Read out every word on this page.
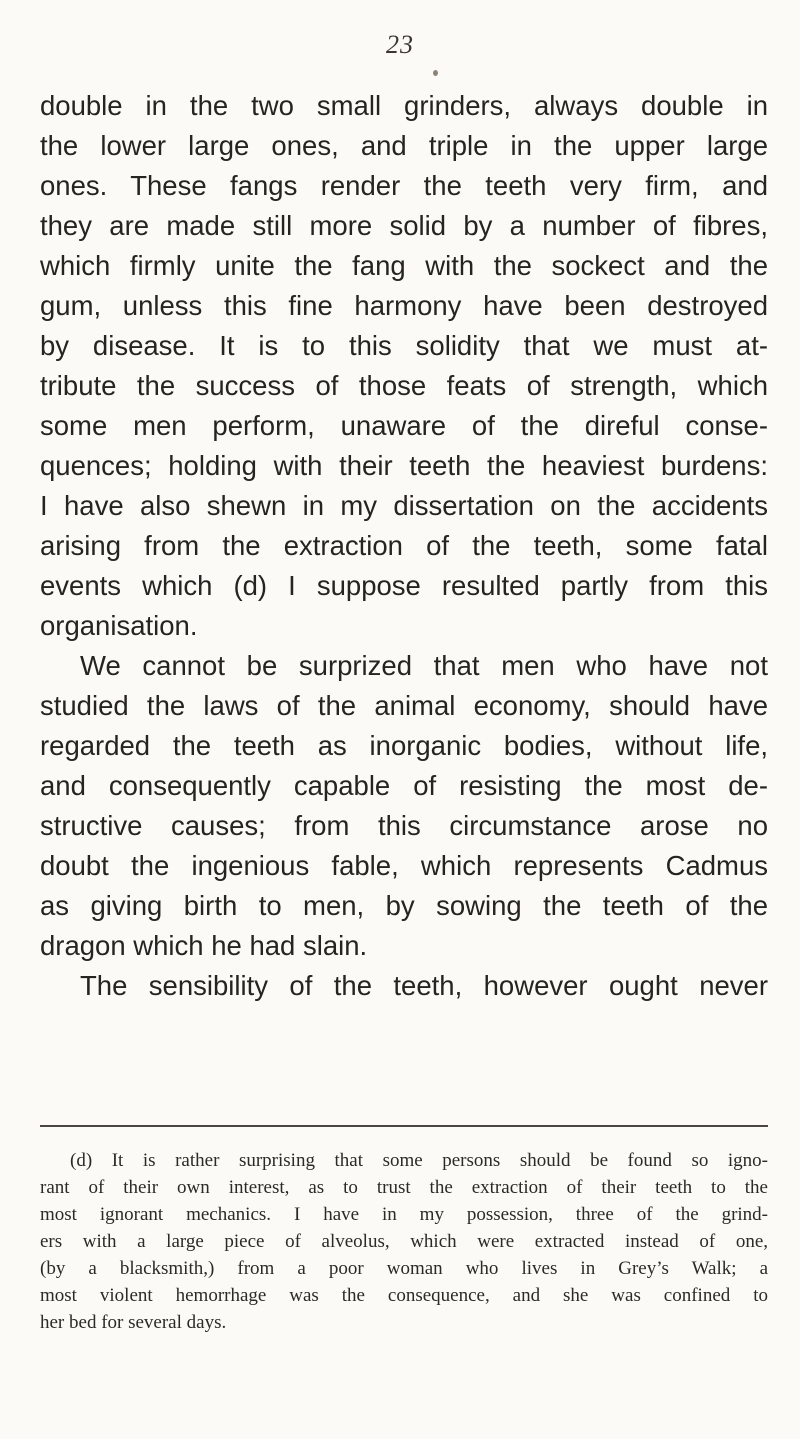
23
double in the two small grinders, always double in
the lower large ones, and triple in the upper large
ones. These fangs render the teeth very firm, and
they are made still more solid by a number of fibres,
which firmly unite the fang with the sockect and the
gum, unless this fine harmony have been destroyed
by disease. It is to this solidity that we must at-
tribute the success of those feats of strength, which
some men perform, unaware of the direful conse-
quences; holding with their teeth the heaviest burdens:
I have also shewn in my dissertation on the accidents
arising from the extraction of the teeth, some fatal
events which (d) I suppose resulted partly from this
organisation.
We cannot be surprized that men who have not
studied the laws of the animal economy, should have
regarded the teeth as inorganic bodies, without life,
and consequently capable of resisting the most de-
structive causes; from this circumstance arose no
doubt the ingenious fable, which represents Cadmus
as giving birth to men, by sowing the teeth of the
dragon which he had slain.
The sensibility of the teeth, however ought never
(d) It is rather surprising that some persons should be found so igno-
rant of their own interest, as to trust the extraction of their teeth to the
most ignorant mechanics. I have in my possession, three of the grind-
ers with a large piece of alveolus, which were extracted instead of one,
(by a blacksmith,) from a poor woman who lives in Grey’s Walk; a
most violent hemorrhage was the consequence, and she was confined to
her bed for several days.
